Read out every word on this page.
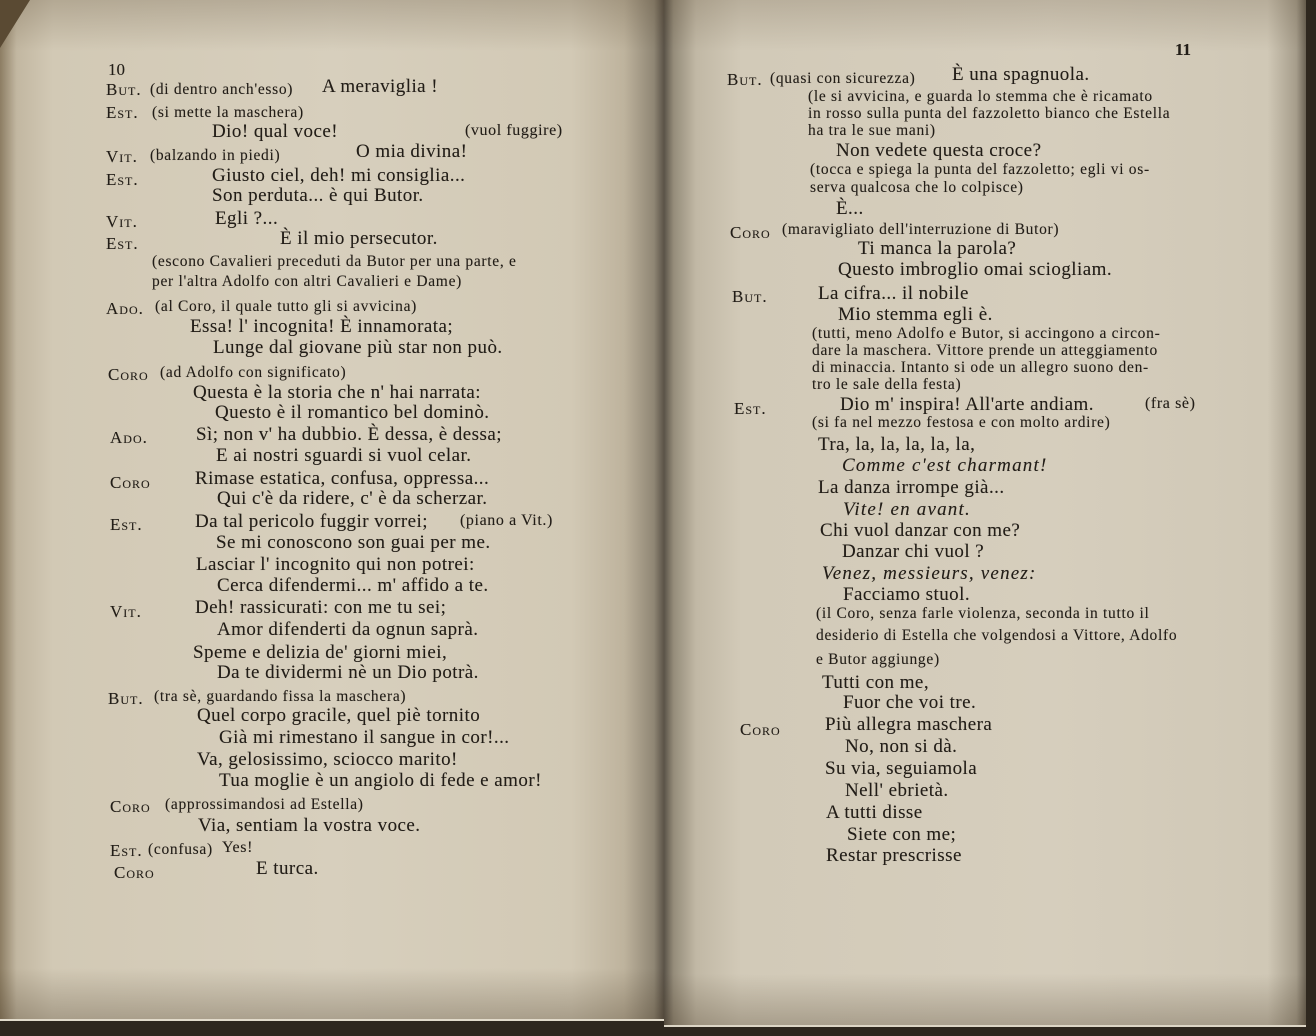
10
But. (di dentro anch'esso) A meraviglia !
Est. (si mette la maschera)
Dio! qual voce!	(vuol fuggire)
Vit. (balzando in piedi)	O mia divina!
Est.	Giusto ciel, deh! mi consiglia...
Son perduta... è qui Butor.
Vit.	Egli ?...
Est.	È il mio persecutor.
(escono Cavalieri preceduti da Butor per una parte, e
per l'altra Adolfo con altri Cavalieri e Dame)
Ado. (al Coro, il quale tutto gli si avvicina)
Essa! l' incognita! È innamorata;
Lunge dal giovane più star non può.
Coro (ad Adolfo con significato)
Questa è la storia che n' hai narrata:
Questo è il romantico bel dominò.
Ado.	Sì; non v' ha dubbio. È dessa, è dessa;
E ai nostri sguardi si vuol celar.
Coro Rimase estatica, confusa, oppressa...
Qui c'è da ridere, c' è da scherzar.
Est.	Da tal pericolo fuggir vorrei; (piano a Vit.)
Se mi conoscono son guai per me.
Lasciar l' incognito qui non potrei:
Cerca difendermi... m' affido a te.
Vit.	Deh! rassicurati: con me tu sei;
Amor difenderti da ognun saprà.
Speme e delizia de' giorni miei,
Da te dividermi nè un Dio potrà.
But. (tra sè, guardando fissa la maschera)
Quel corpo gracile, quel piè tornito
Già mi rimestano il sangue in cor!...
Va, gelosissimo, sciocco marito!
Tua moglie è un angiolo di fede e amor!
Coro (approssimandosi ad Estella)
Via, sentiam la vostra voce.
Est. (confusa) Yes!
Coro	E turca.
11
But. (quasi con sicurezza) È una spagnuola.
(le si avvicina, e guarda lo stemma che è ricamato
in rosso sulla punta del fazzoletto bianco che Estella
ha tra le sue mani)
Non vedete questa croce?
(tocca e spiega la punta del fazzoletto; egli vi os-
serva qualcosa che lo colpisce)
È...
Coro (maravigliato dell'interruzione di Butor)
Ti manca la parola?
Questo imbroglio omai sciogliam.
But.	La cifra... il nobile
Mio stemma egli è.
(tutti, meno Adolfo e Butor, si accingono a circon-
dare la maschera. Vittore prende un atteggiamento
di minaccia. Intanto si ode un allegro suono den-
tro le sale della festa)
Est.	Dio m' inspira! All'arte andiam.	(fra sè)
(si fa nel mezzo festosa e con molto ardire)
Tra, la, la, la, la, la,
Comme c'est charmant!
La danza irrompe già...
Vite! en avant.
Chi vuol danzar con me?
Danzar chi vuol ?
Venez, messieurs, venez:
Facciamo stuol.
(il Coro, senza farle violenza, seconda in tutto il
desiderio di Estella che volgendosi a Vittore, Adolfo
e Butor aggiunge)
Tutti con me,
Fuor che voi tre.
Coro Più allegra maschera
No, non si dà.
Su via, seguiamola
Nell' ebrietà.
A tutti disse
Siete con me;
Restar prescrisse
